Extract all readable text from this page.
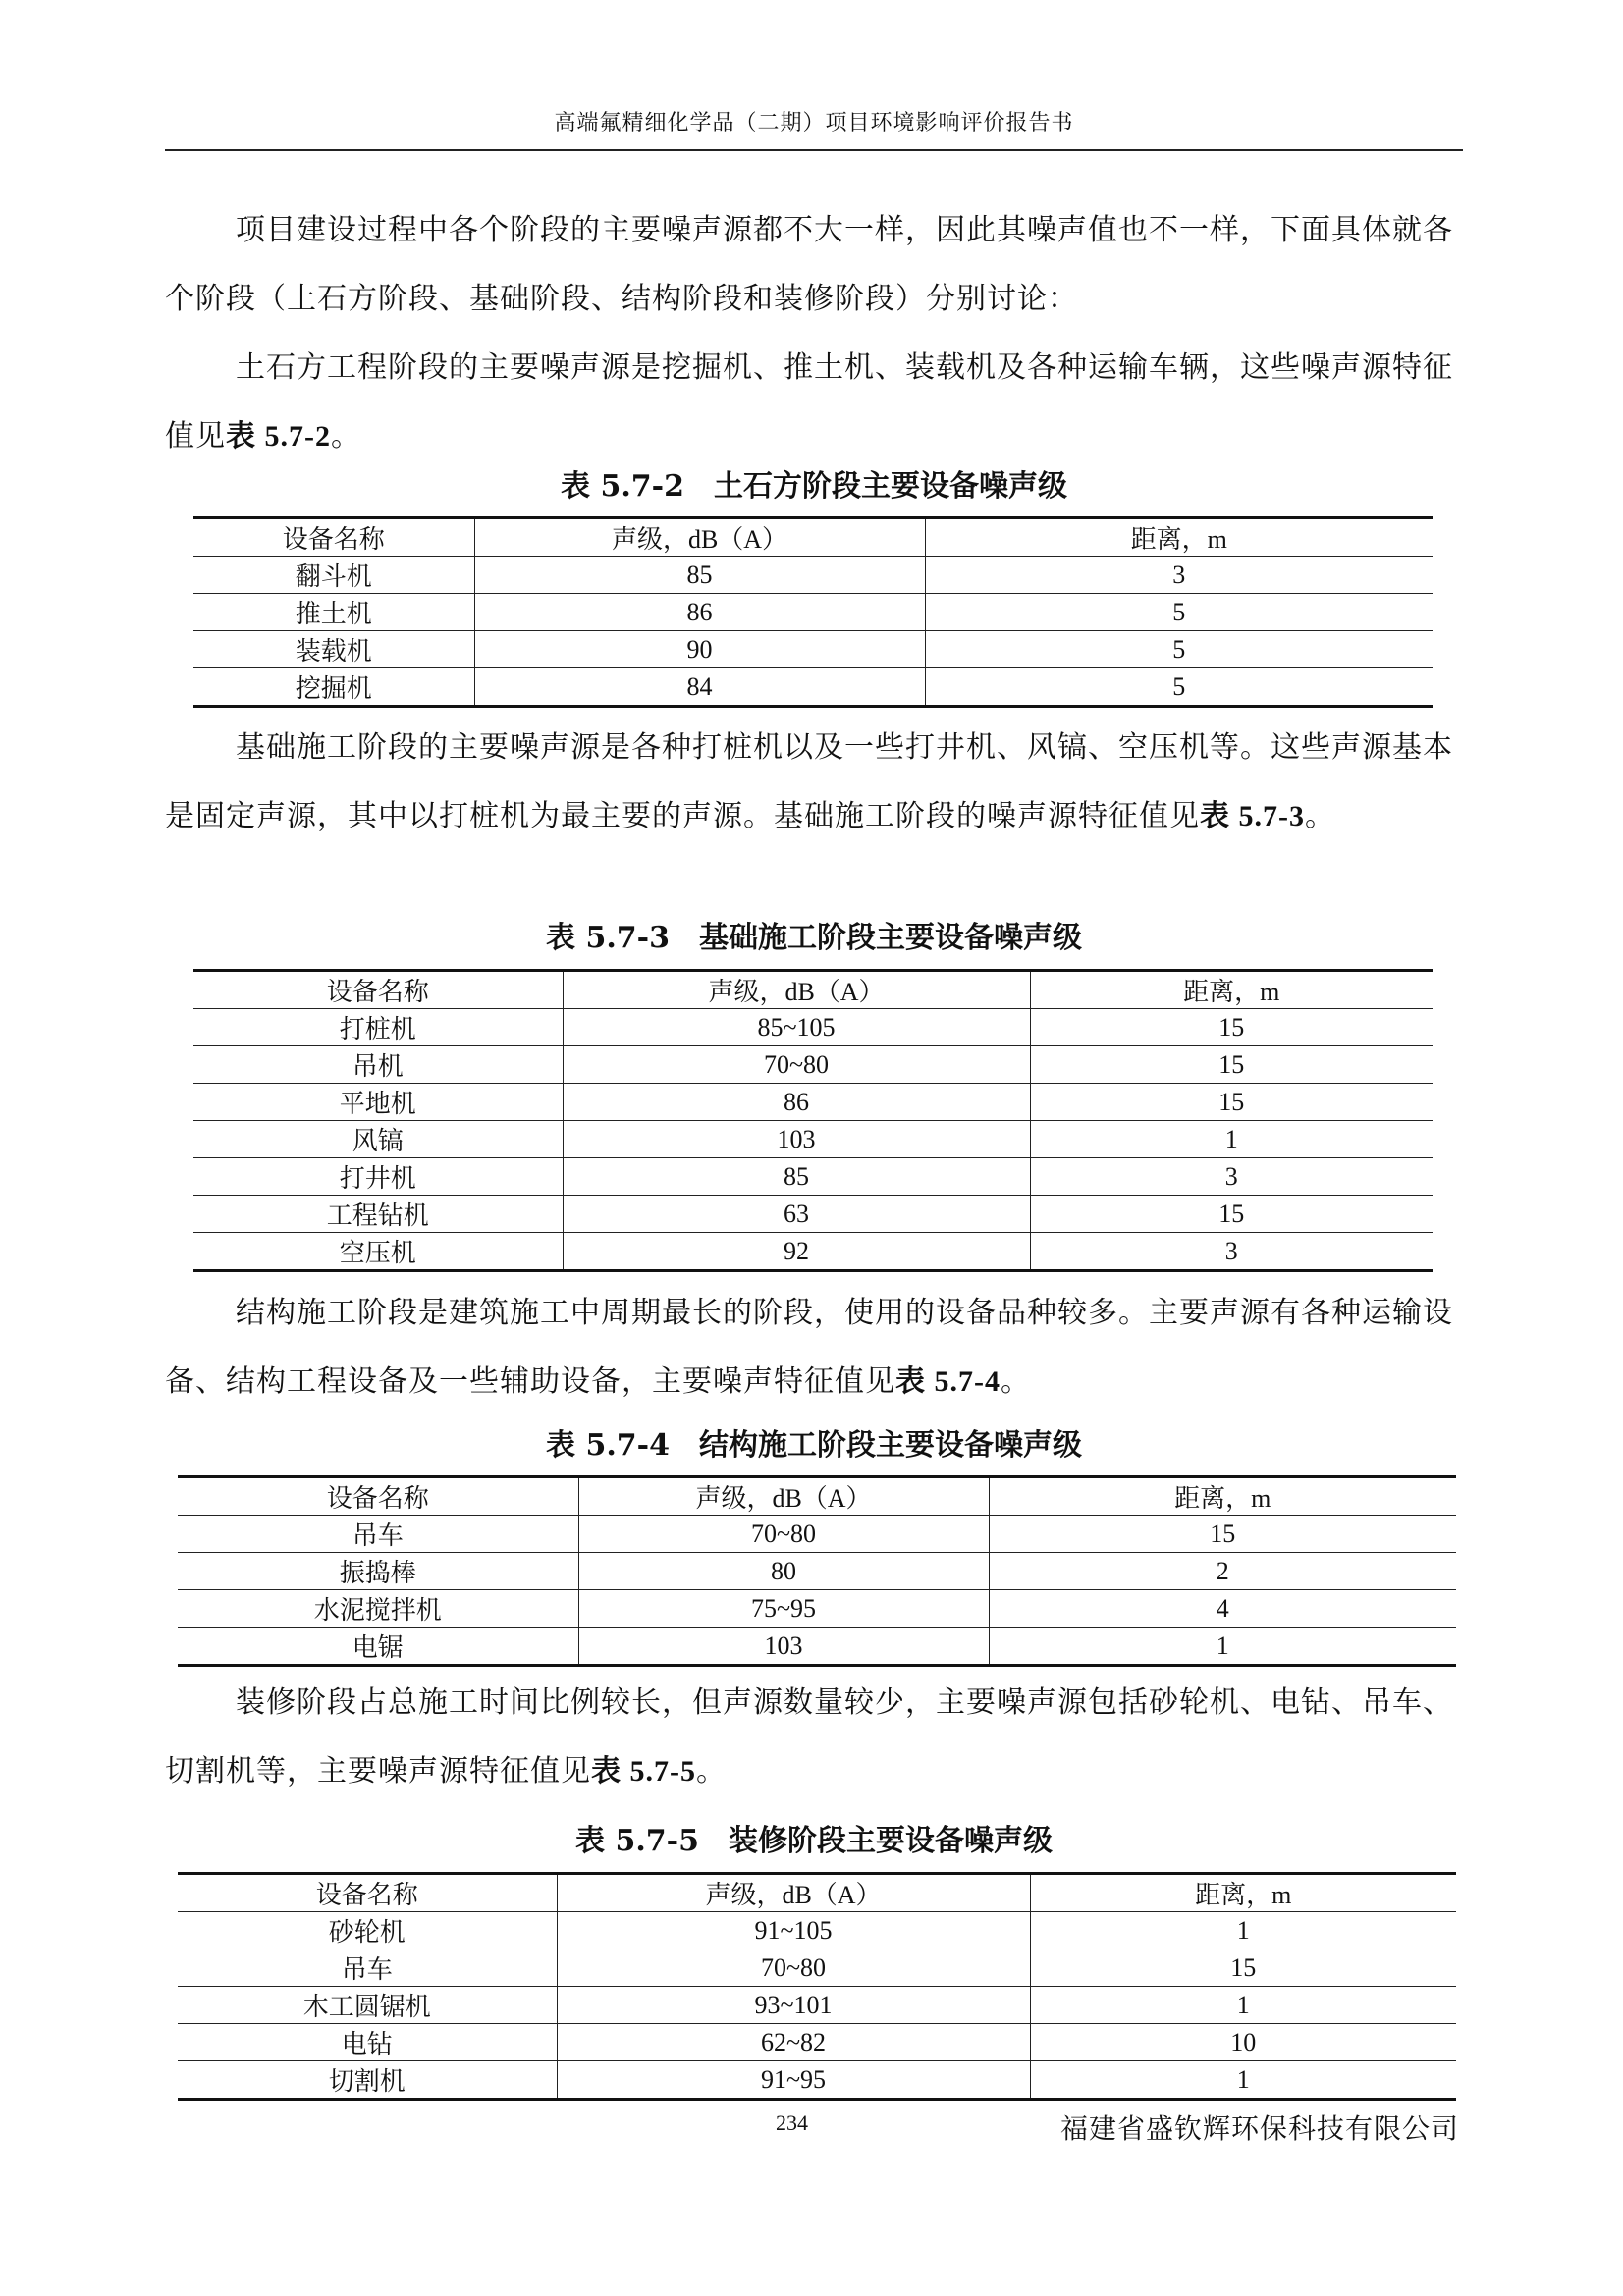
高端氟精细化学品（二期）项目环境影响评价报告书
项目建设过程中各个阶段的主要噪声源都不大一样，因此其噪声值也不一样，下面具体就各个阶段（土石方阶段、基础阶段、结构阶段和装修阶段）分别讨论：
土石方工程阶段的主要噪声源是挖掘机、推土机、装载机及各种运输车辆，这些噪声源特征值见表 5.7-2。
表 5.7-2　土石方阶段主要设备噪声级
设备名称	声级，dB（A）	距离，m
翻斗机	85	3
推土机	86	5
装载机	90	5
挖掘机	84	5
基础施工阶段的主要噪声源是各种打桩机以及一些打井机、风镐、空压机等。这些声源基本是固定声源，其中以打桩机为最主要的声源。基础施工阶段的噪声源特征值见表 5.7-3。
表 5.7-3　基础施工阶段主要设备噪声级
设备名称	声级，dB（A）	距离，m
打桩机	85~105	15
吊机	70~80	15
平地机	86	15
风镐	103	1
打井机	85	3
工程钻机	63	15
空压机	92	3
结构施工阶段是建筑施工中周期最长的阶段，使用的设备品种较多。主要声源有各种运输设备、结构工程设备及一些辅助设备，主要噪声特征值见表 5.7-4。
表 5.7-4　结构施工阶段主要设备噪声级
设备名称	声级，dB（A）	距离，m
吊车	70~80	15
振捣棒	80	2
水泥搅拌机	75~95	4
电锯	103	1
装修阶段占总施工时间比例较长，但声源数量较少，主要噪声源包括砂轮机、电钻、吊车、切割机等，主要噪声源特征值见表 5.7-5。
表 5.7-5　装修阶段主要设备噪声级
设备名称	声级，dB（A）	距离，m
砂轮机	91~105	1
吊车	70~80	15
木工圆锯机	93~101	1
电钻	62~82	10
切割机	91~95	1
234	福建省盛钦辉环保科技有限公司
